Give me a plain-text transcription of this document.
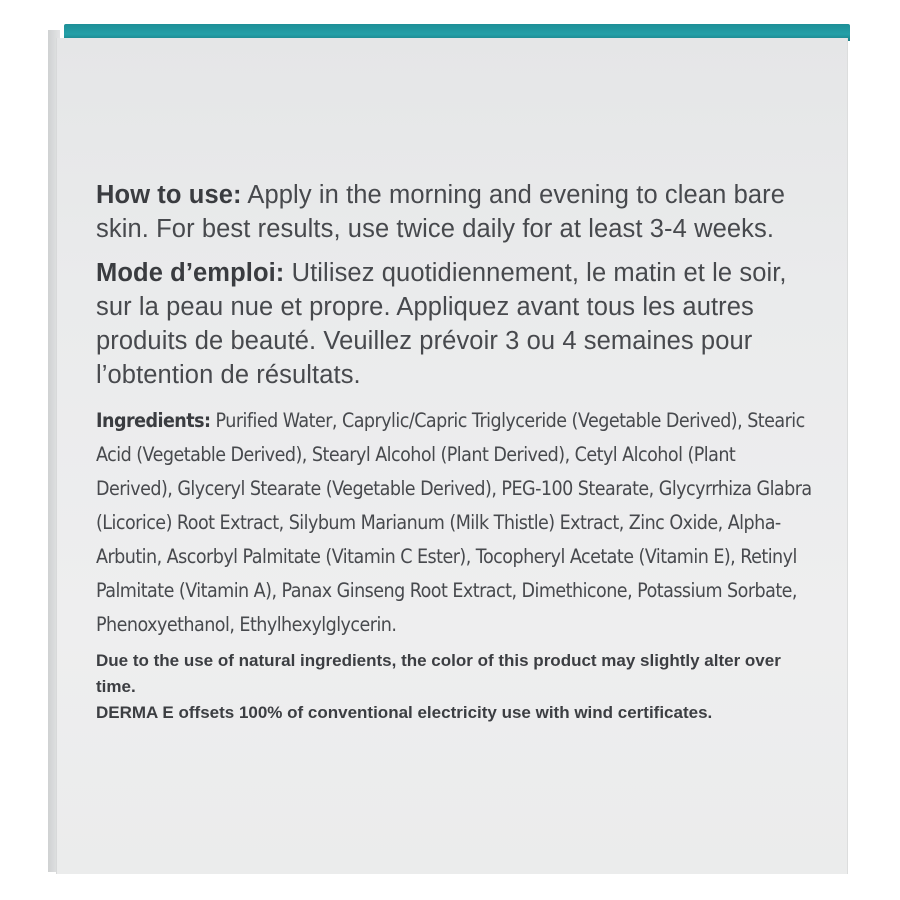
How to use: Apply in the morning and evening to clean bare skin. For best results, use twice daily for at least 3-4 weeks.

Mode d’emploi: Utilisez quotidiennement, le matin et le soir, sur la peau nue et propre. Appliquez avant tous les autres produits de beauté. Veuillez prévoir 3 ou 4 semaines pour l’obtention de résultats.

Ingredients: Purified Water, Caprylic/Capric Triglyceride (Vegetable Derived), Stearic Acid (Vegetable Derived), Stearyl Alcohol (Plant Derived), Cetyl Alcohol (Plant Derived), Glyceryl Stearate (Vegetable Derived), PEG-100 Stearate, Glycyrrhiza Glabra (Licorice) Root Extract, Silybum Marianum (Milk Thistle) Extract, Zinc Oxide, Alpha-Arbutin, Ascorbyl Palmitate (Vitamin C Ester), Tocopheryl Acetate (Vitamin E), Retinyl Palmitate (Vitamin A), Panax Ginseng Root Extract, Dimethicone, Potassium Sorbate, Phenoxyethanol, Ethylhexylglycerin.

Due to the use of natural ingredients, the color of this product may slightly alter over time.

DERMA E offsets 100% of conventional electricity use with wind certificates.
